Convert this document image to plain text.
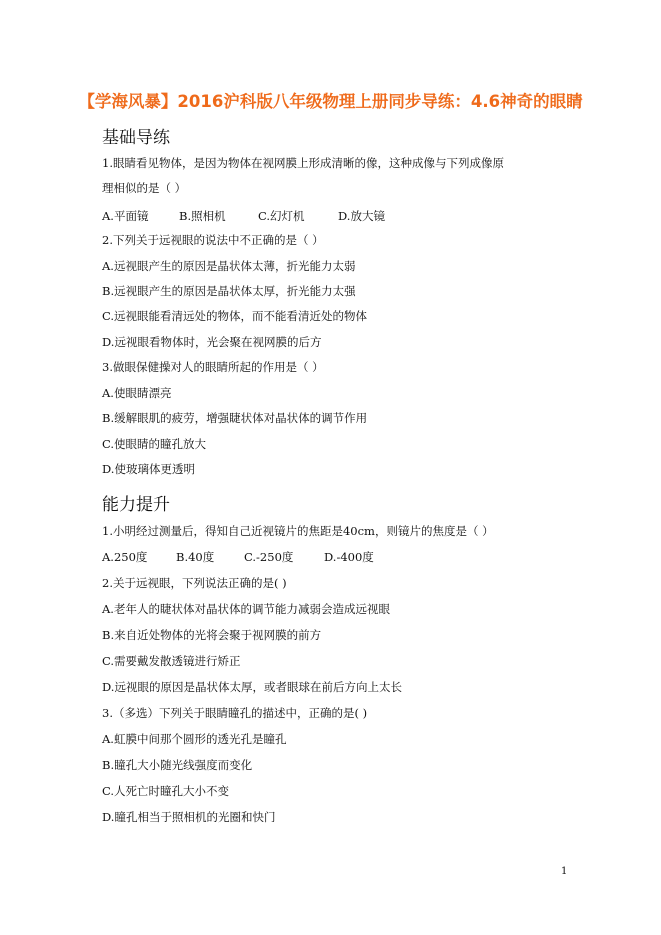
【学海风暴】2016沪科版八年级物理上册同步导练：4.6神奇的眼睛
基础导练
1.眼睛看见物体，是因为物体在视网膜上形成清晰的像，这种成像与下列成像原
理相似的是（ ）
A.平面镜	B.照相机	C.幻灯机	D.放大镜
2.下列关于远视眼的说法中不正确的是（ ）
A.远视眼产生的原因是晶状体太薄，折光能力太弱
B.远视眼产生的原因是晶状体太厚，折光能力太强
C.远视眼能看清远处的物体，而不能看清近处的物体
D.远视眼看物体时，光会聚在视网膜的后方
3.做眼保健操对人的眼睛所起的作用是（ ）
A.使眼睛漂亮
B.缓解眼肌的疲劳，增强睫状体对晶状体的调节作用
C.使眼睛的瞳孔放大
D.使玻璃体更透明
能力提升
1.小明经过测量后，得知自己近视镜片的焦距是40cm，则镜片的焦度是（ ）
A.250度 B.40度	C.-250度	D.-400度
2.关于远视眼，下列说法正确的是( )
A.老年人的睫状体对晶状体的调节能力减弱会造成远视眼
B.来自近处物体的光将会聚于视网膜的前方
C.需要戴发散透镜进行矫正
D.远视眼的原因是晶状体太厚，或者眼球在前后方向上太长
3.（多选）下列关于眼睛瞳孔的描述中，正确的是( )
A.虹膜中间那个圆形的透光孔是瞳孔
B.瞳孔大小随光线强度而变化
C.人死亡时瞳孔大小不变
D.瞳孔相当于照相机的光圈和快门
1
